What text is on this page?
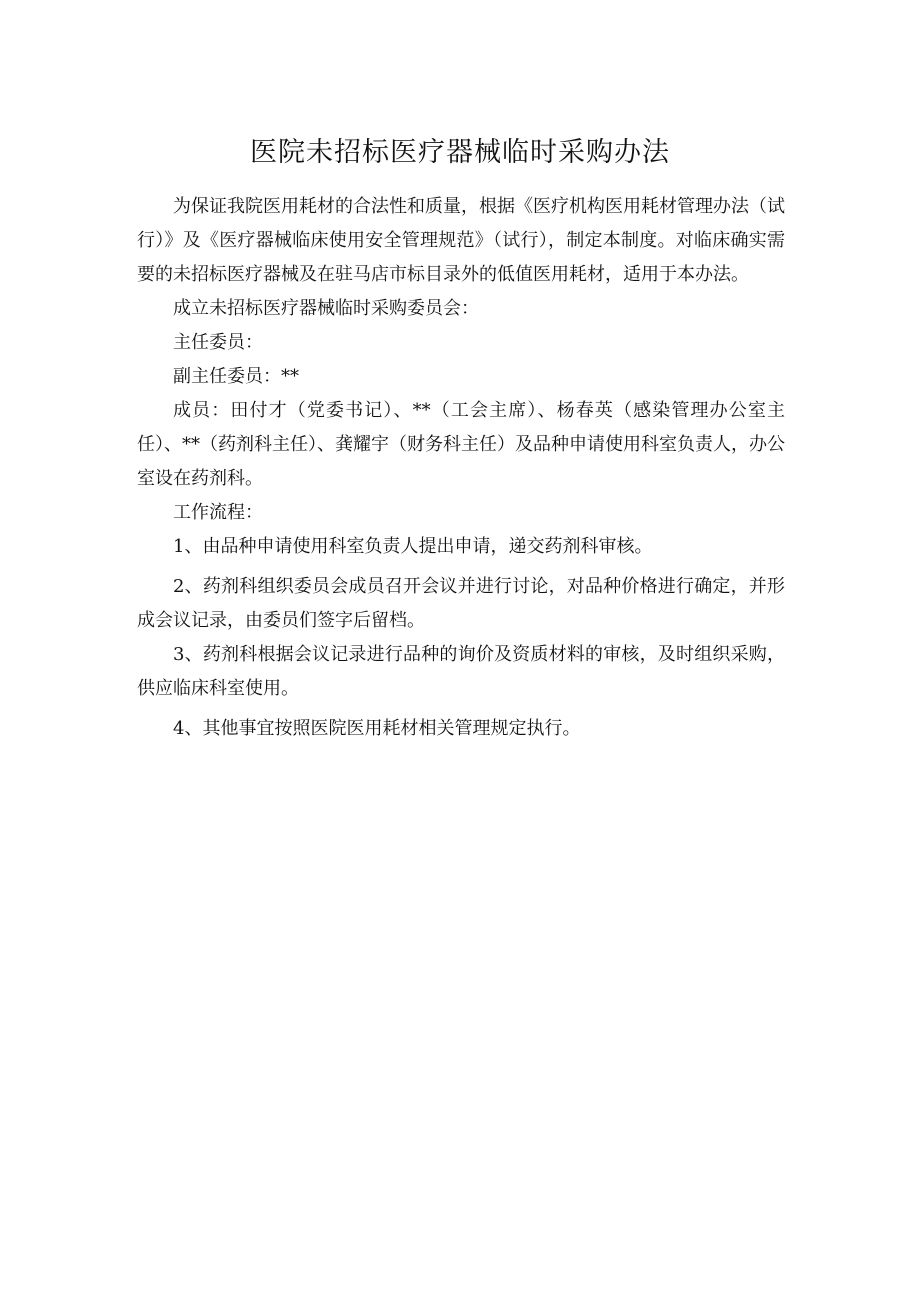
医院未招标医疗器械临时采购办法

为保证我院医用耗材的合法性和质量，根据《医疗机构医用耗材管理办法（试行）》及《医疗器械临床使用安全管理规范》（试行），制定本制度。对临床确实需要的未招标医疗器械及在驻马店市标目录外的低值医用耗材，适用于本办法。

成立未招标医疗器械临时采购委员会：

主任委员：

副主任委员：**

成员：田付才（党委书记）、**（工会主席）、杨春英（感染管理办公室主任）、**（药剂科主任）、龚耀宇（财务科主任）及品种申请使用科室负责人，办公室设在药剂科。

工作流程：

1、由品种申请使用科室负责人提出申请，递交药剂科审核。

2、药剂科组织委员会成员召开会议并进行讨论，对品种价格进行确定，并形成会议记录，由委员们签字后留档。

3、药剂科根据会议记录进行品种的询价及资质材料的审核，及时组织采购，供应临床科室使用。

4、其他事宜按照医院医用耗材相关管理规定执行。
